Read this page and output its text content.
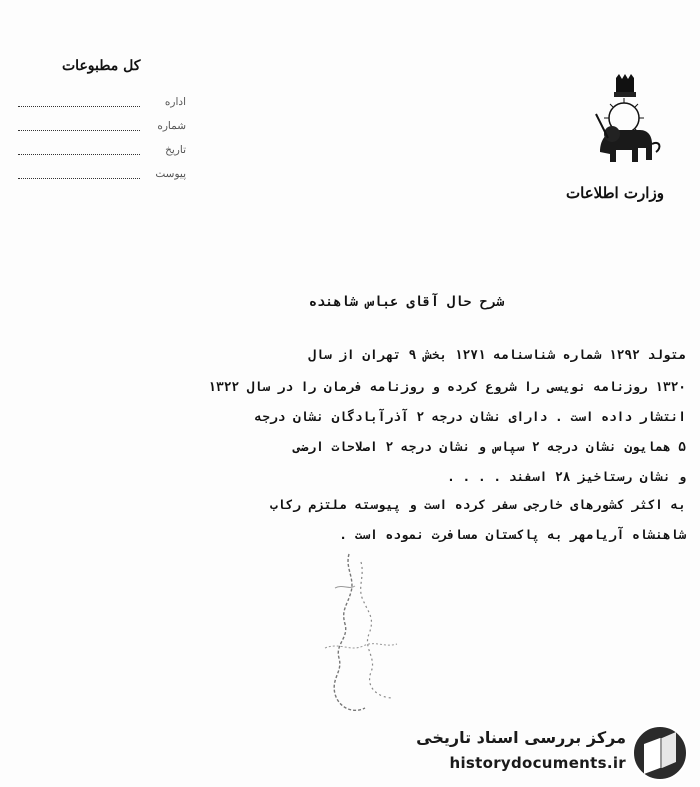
کل مطبوعات
اداره
شماره
تاریخ
پیوست
وزارت اطلاعات
شرح حال آقای عباس شاهنده
متولد ۱۲۹۲ شماره شناسنامه ۱۲۷۱ بخش ۹ تهران از سال
۱۳۲۰ روزنامه نویسی را شروع کرده و روزنامه فرمان را در سال ۱۳۲۲
انتشار داده است . دارای نشان درجه ۲ آذرآبادگان نشان درجه
۵ همایون نشان درجه ۲ سپاس و نشان درجه ۲ اصلاحات ارضی
و نشان رستاخیز ۲۸ اسفند . . . .
به اکثر کشورهای خارجی سفر کرده است و پیوسته ملتزم رکاب
شاهنشاه آریامهر به پاکستان مسافرت نموده است .
مرکز بررسی اسناد تاریخی
historydocuments.ir
